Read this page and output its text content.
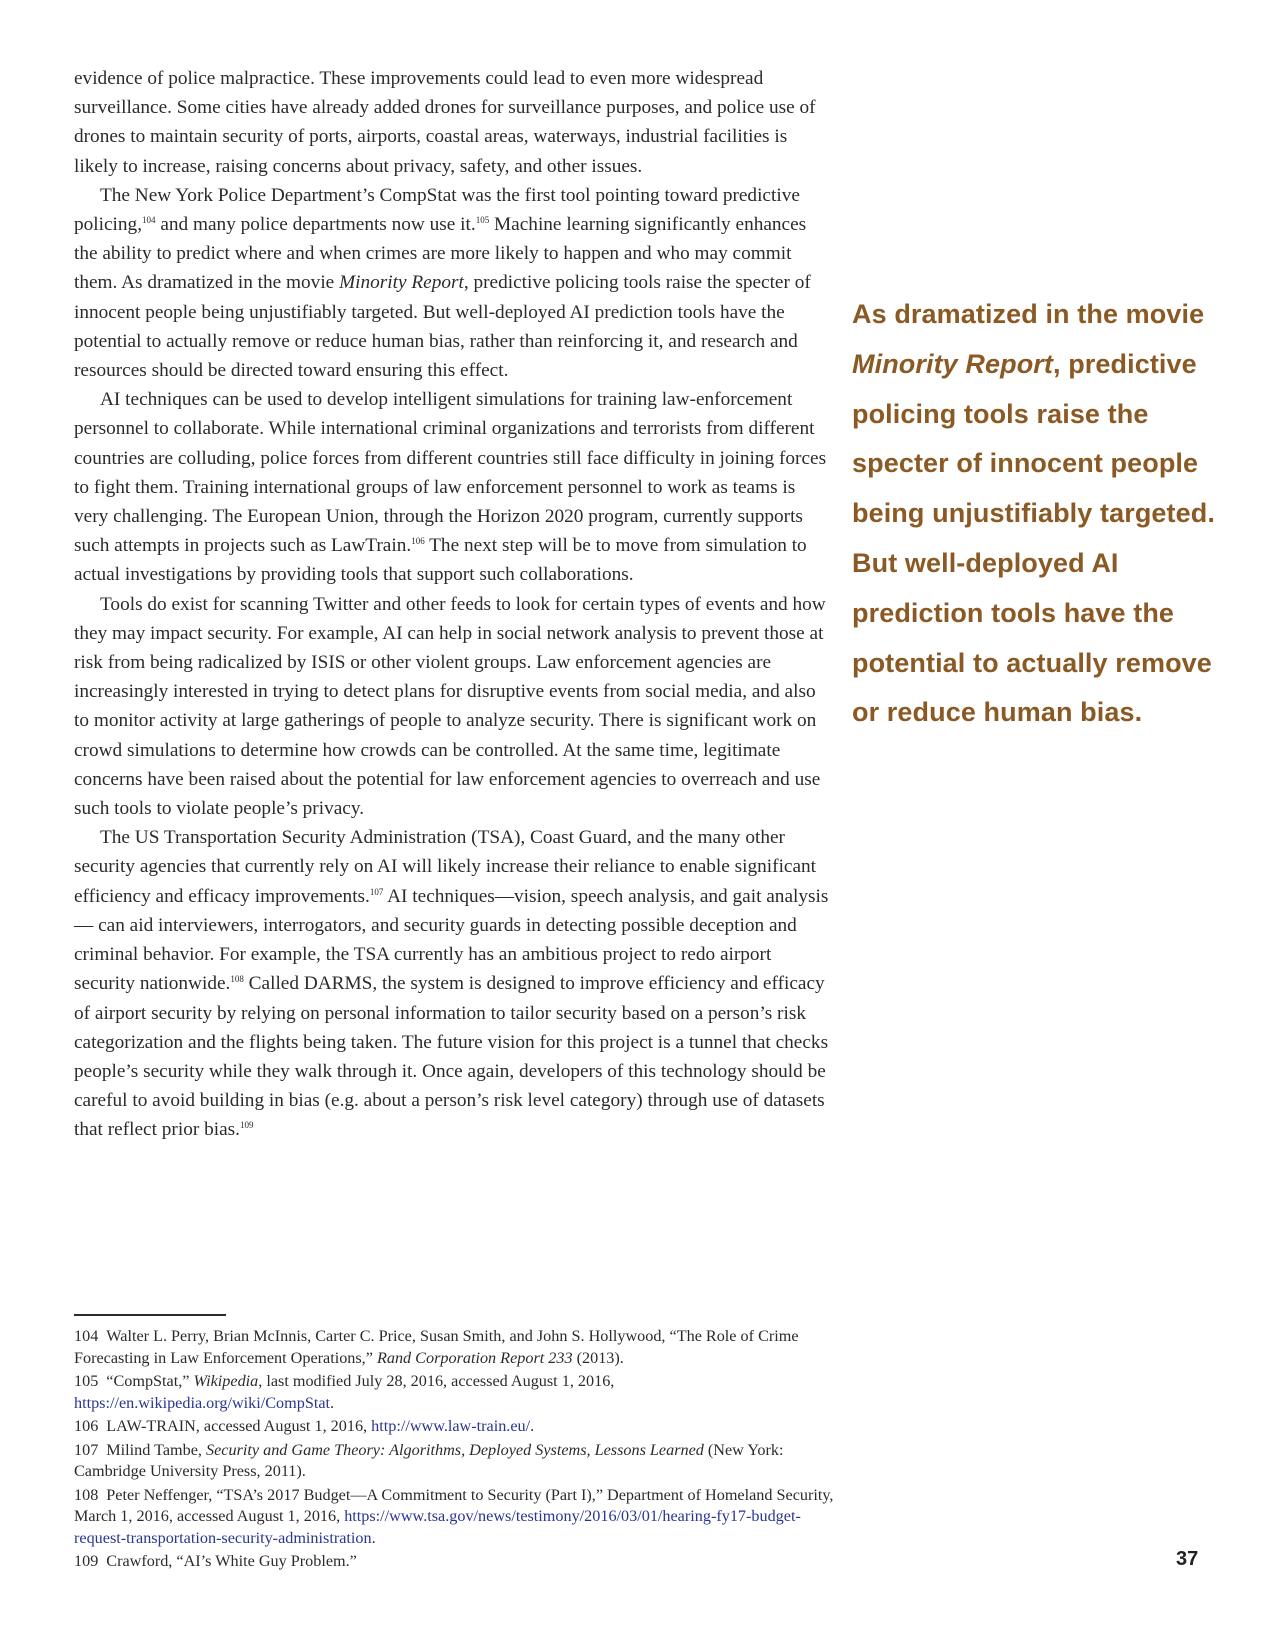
evidence of police malpractice. These improvements could lead to even more widespread surveillance. Some cities have already added drones for surveillance purposes, and police use of drones to maintain security of ports, airports, coastal areas, waterways, industrial facilities is likely to increase, raising concerns about privacy, safety, and other issues.

The New York Police Department’s CompStat was the first tool pointing toward predictive policing,$^{104}$ and many police departments now use it.$^{105}$ Machine learning significantly enhances the ability to predict where and when crimes are more likely to happen and who may commit them. As dramatized in the movie Minority Report, predictive policing tools raise the specter of innocent people being unjustifiably targeted. But well-deployed AI prediction tools have the potential to actually remove or reduce human bias, rather than reinforcing it, and research and resources should be directed toward ensuring this effect.

AI techniques can be used to develop intelligent simulations for training law-enforcement personnel to collaborate. While international criminal organizations and terrorists from different countries are colluding, police forces from different countries still face difficulty in joining forces to fight them. Training international groups of law enforcement personnel to work as teams is very challenging. The European Union, through the Horizon 2020 program, currently supports such attempts in projects such as LawTrain.$^{106}$ The next step will be to move from simulation to actual investigations by providing tools that support such collaborations.

Tools do exist for scanning Twitter and other feeds to look for certain types of events and how they may impact security. For example, AI can help in social network analysis to prevent those at risk from being radicalized by ISIS or other violent groups. Law enforcement agencies are increasingly interested in trying to detect plans for disruptive events from social media, and also to monitor activity at large gatherings of people to analyze security. There is significant work on crowd simulations to determine how crowds can be controlled. At the same time, legitimate concerns have been raised about the potential for law enforcement agencies to overreach and use such tools to violate people’s privacy.

The US Transportation Security Administration (TSA), Coast Guard, and the many other security agencies that currently rely on AI will likely increase their reliance to enable significant efficiency and efficacy improvements.$^{107}$ AI techniques—vision, speech analysis, and gait analysis— can aid interviewers, interrogators, and security guards in detecting possible deception and criminal behavior. For example, the TSA currently has an ambitious project to redo airport security nationwide.$^{108}$ Called DARMS, the system is designed to improve efficiency and efficacy of airport security by relying on personal information to tailor security based on a person’s risk categorization and the flights being taken. The future vision for this project is a tunnel that checks people’s security while they walk through it. Once again, developers of this technology should be careful to avoid building in bias (e.g. about a person’s risk level category) through use of datasets that reflect prior bias.$^{109}$

As dramatized in the movie Minority Report, predictive policing tools raise the specter of innocent people being unjustifiably targeted. But well-deployed AI prediction tools have the potential to actually remove or reduce human bias.

104 Walter L. Perry, Brian McInnis, Carter C. Price, Susan Smith, and John S. Hollywood, “The Role of Crime Forecasting in Law Enforcement Operations,” Rand Corporation Report 233 (2013).

105 “CompStat,” Wikipedia, last modified July 28, 2016, accessed August 1, 2016, https://en.wikipedia.org/wiki/CompStat.

106 LAW-TRAIN, accessed August 1, 2016, http://www.law-train.eu/.

107 Milind Tambe, Security and Game Theory: Algorithms, Deployed Systems, Lessons Learned (New York: Cambridge University Press, 2011).

108 Peter Neffenger, “TSA’s 2017 Budget—A Commitment to Security (Part I),” Department of Homeland Security, March 1, 2016, accessed August 1, 2016, https://www.tsa.gov/news/testimony/2016/03/01/hearing-fy17-budget-request-transportation-security-administration.

109 Crawford, “AI’s White Guy Problem.”	37
